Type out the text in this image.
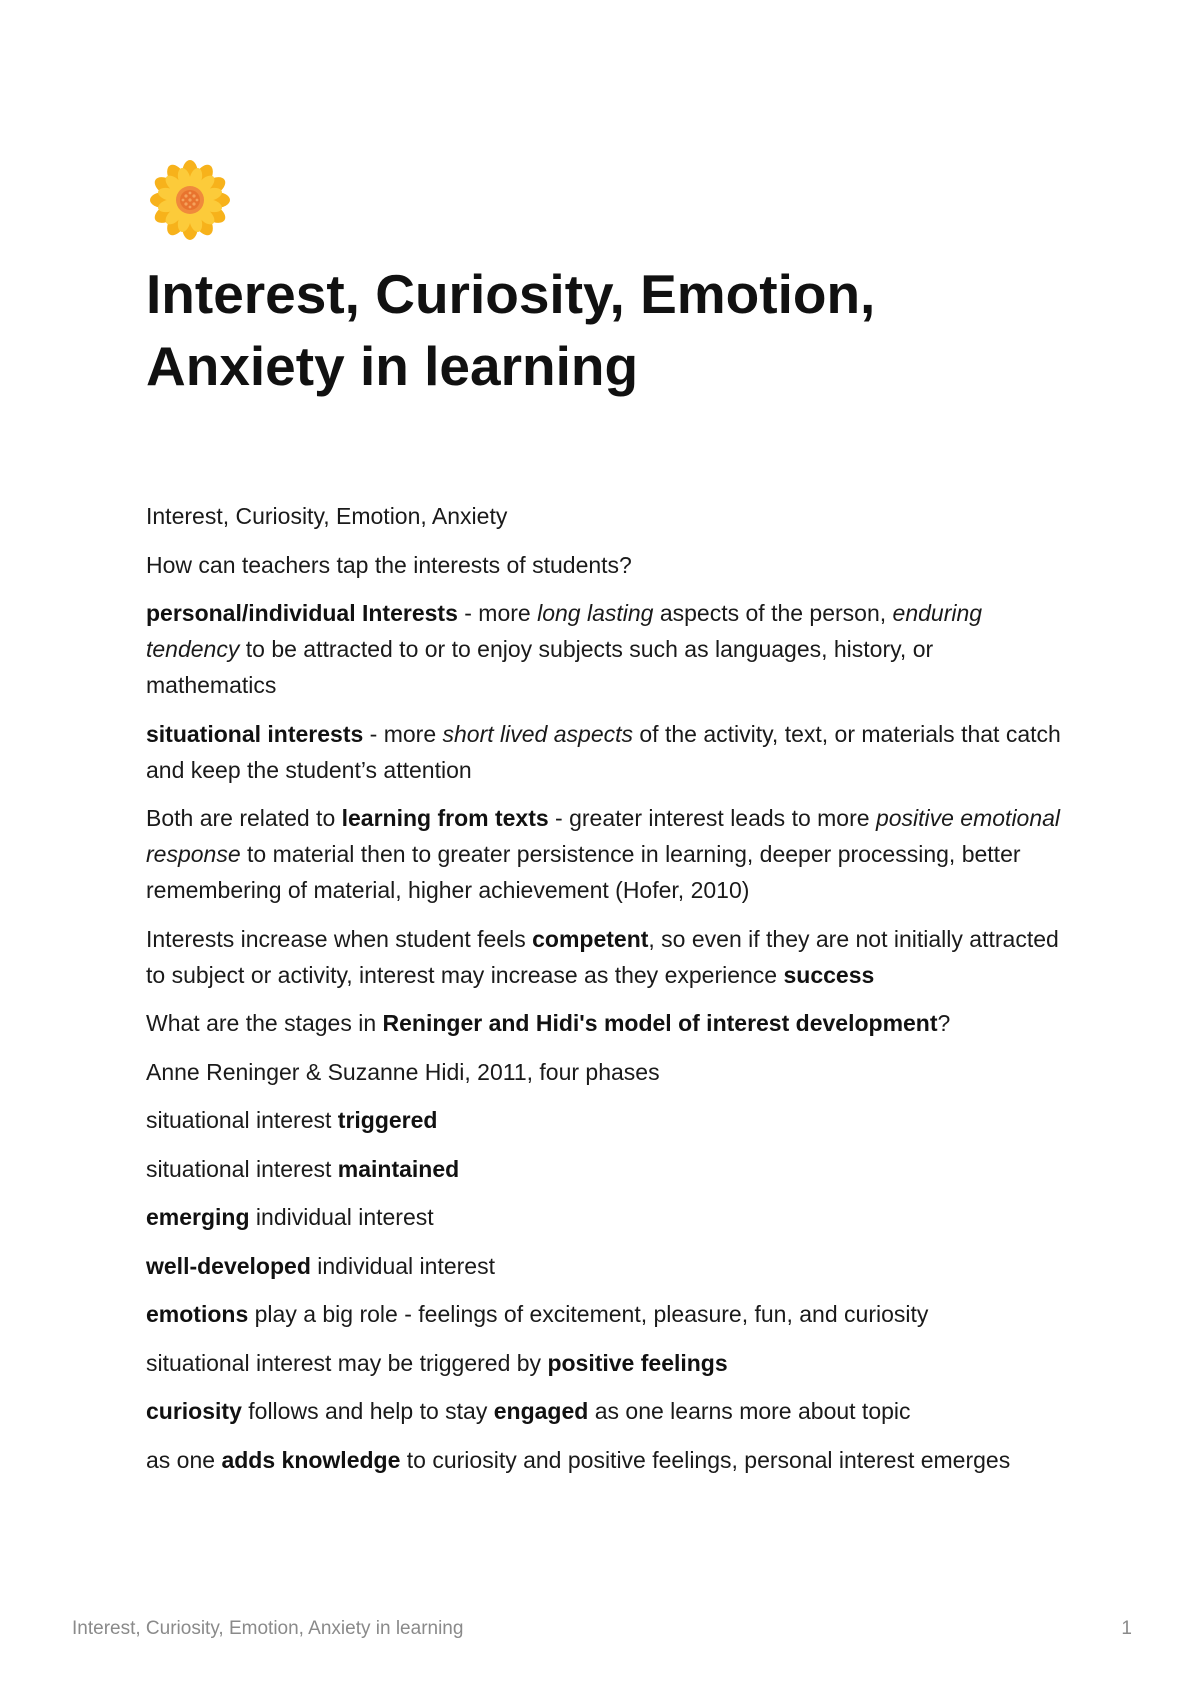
Interest, Curiosity, Emotion, Anxiety in learning

Interest, Curiosity, Emotion, Anxiety

How can teachers tap the interests of students?

personal/individual Interests - more long lasting aspects of the person, enduring tendency to be attracted to or to enjoy subjects such as languages, history, or mathematics

situational interests - more short lived aspects of the activity, text, or materials that catch and keep the student’s attention

Both are related to learning from texts - greater interest leads to more positive emotional response to material then to greater persistence in learning, deeper processing, better remembering of material, higher achievement (Hofer, 2010)

Interests increase when student feels competent, so even if they are not initially attracted to subject or activity, interest may increase as they experience success

What are the stages in Reninger and Hidi's model of interest development?

Anne Reninger & Suzanne Hidi, 2011, four phases

situational interest triggered

situational interest maintained

emerging individual interest

well-developed individual interest

emotions play a big role - feelings of excitement, pleasure, fun, and curiosity

situational interest may be triggered by positive feelings

curiosity follows and help to stay engaged as one learns more about topic

as one adds knowledge to curiosity and positive feelings, personal interest emerges

Interest, Curiosity, Emotion, Anxiety in learning	1
